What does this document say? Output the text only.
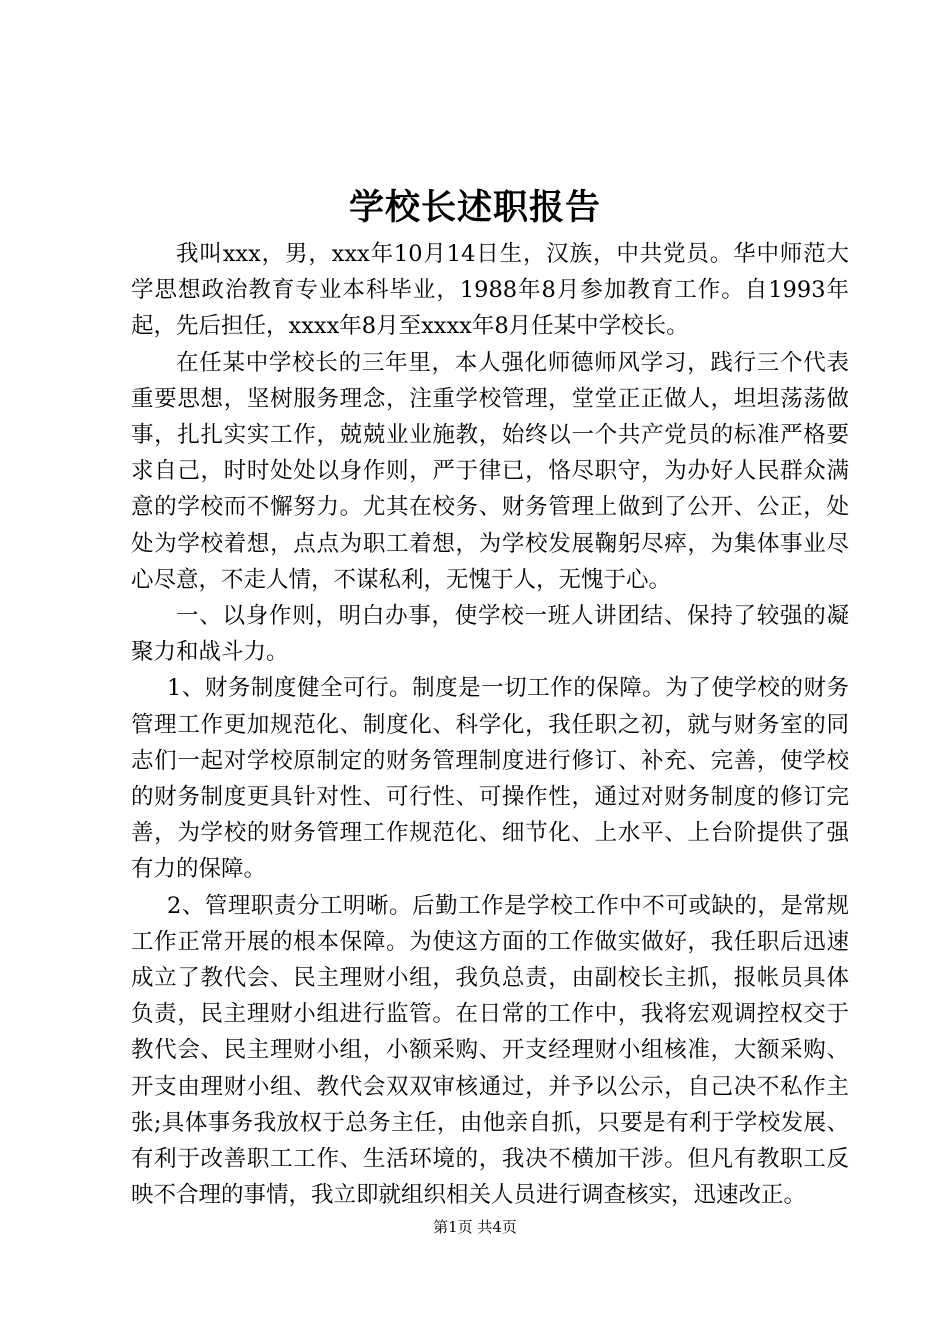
学校长述职报告

我叫xxx，男，xxx年10月14日生，汉族，中共党员。华中师范大学思想政治教育专业本科毕业，1988年8月参加教育工作。自1993年起，先后担任，xxxx年8月至xxxx年8月任某中学校长。

在任某中学校长的三年里，本人强化师德师风学习，践行三个代表重要思想，坚树服务理念，注重学校管理，堂堂正正做人，坦坦荡荡做事，扎扎实实工作，兢兢业业施教，始终以一个共产党员的标准严格要求自己，时时处处以身作则，严于律已，恪尽职守，为办好人民群众满意的学校而不懈努力。尤其在校务、财务管理上做到了公开、公正，处处为学校着想，点点为职工着想，为学校发展鞠躬尽瘁，为集体事业尽心尽意，不走人情，不谋私利，无愧于人，无愧于心。

一、以身作则，明白办事，使学校一班人讲团结、保持了较强的凝聚力和战斗力。

1、财务制度健全可行。制度是一切工作的保障。为了使学校的财务管理工作更加规范化、制度化、科学化，我任职之初，就与财务室的同志们一起对学校原制定的财务管理制度进行修订、补充、完善，使学校的财务制度更具针对性、可行性、可操作性，通过对财务制度的修订完善，为学校的财务管理工作规范化、细节化、上水平、上台阶提供了强有力的保障。

2、管理职责分工明晰。后勤工作是学校工作中不可或缺的，是常规工作正常开展的根本保障。为使这方面的工作做实做好，我任职后迅速成立了教代会、民主理财小组，我负总责，由副校长主抓，报帐员具体负责，民主理财小组进行监管。在日常的工作中，我将宏观调控权交于教代会、民主理财小组，小额采购、开支经理财小组核准，大额采购、开支由理财小组、教代会双双审核通过，并予以公示，自己决不私作主张;具体事务我放权于总务主任，由他亲自抓，只要是有利于学校发展、有利于改善职工工作、生活环境的，我决不横加干涉。但凡有教职工反映不合理的事情，我立即就组织相关人员进行调查核实，迅速改正。

第1页 共4页
